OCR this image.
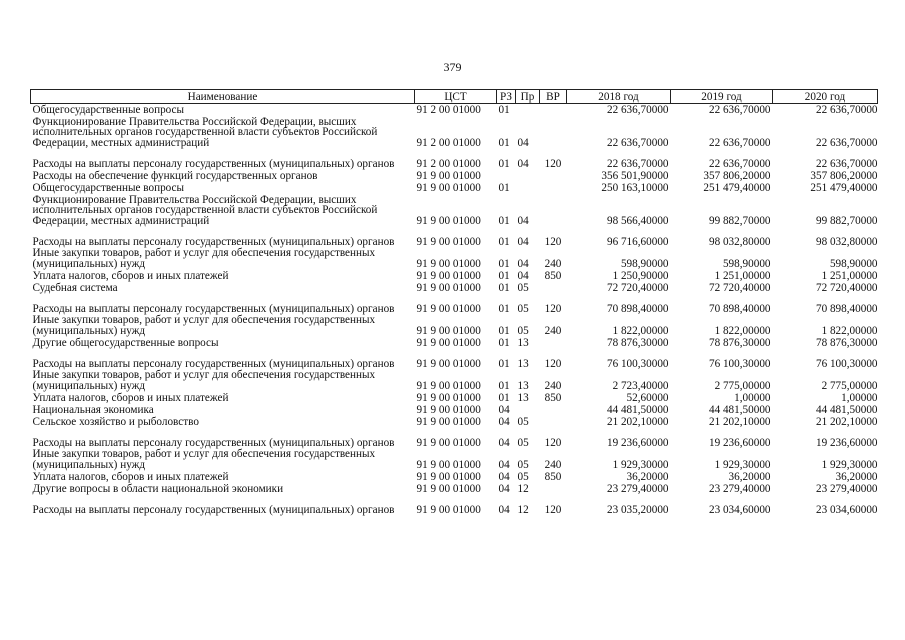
379
Наименование	ЦСТ	РЗ	Пр	ВР	2018 год	2019 год	2020 год
Общегосударственные вопросы	91 2 00 01000	01			22 636,70000	22 636,70000	22 636,70000
Функционирование Правительства Российской Федерации, высших исполнительных органов государственной власти субъектов Российской Федерации, местных администраций	91 2 00 01000	01	04		22 636,70000	22 636,70000	22 636,70000
Расходы на выплаты персоналу государственных (муниципальных) органов	91 2 00 01000	01	04	120	22 636,70000	22 636,70000	22 636,70000
Расходы на обеспечение функций государственных органов	91 9 00 01000				356 501,90000	357 806,20000	357 806,20000
Общегосударственные вопросы	91 9 00 01000	01			250 163,10000	251 479,40000	251 479,40000
Функционирование Правительства Российской Федерации, высших исполнительных органов государственной власти субъектов Российской Федерации, местных администраций	91 9 00 01000	01	04		98 566,40000	99 882,70000	99 882,70000
Расходы на выплаты персоналу государственных (муниципальных) органов	91 9 00 01000	01	04	120	96 716,60000	98 032,80000	98 032,80000
Иные закупки товаров, работ и услуг для обеспечения государственных (муниципальных) нужд	91 9 00 01000	01	04	240	598,90000	598,90000	598,90000
Уплата налогов, сборов и иных платежей	91 9 00 01000	01	04	850	1 250,90000	1 251,00000	1 251,00000
Судебная система	91 9 00 01000	01	05		72 720,40000	72 720,40000	72 720,40000
Расходы на выплаты персоналу государственных (муниципальных) органов	91 9 00 01000	01	05	120	70 898,40000	70 898,40000	70 898,40000
Иные закупки товаров, работ и услуг для обеспечения государственных (муниципальных) нужд	91 9 00 01000	01	05	240	1 822,00000	1 822,00000	1 822,00000
Другие общегосударственные вопросы	91 9 00 01000	01	13		78 876,30000	78 876,30000	78 876,30000
Расходы на выплаты персоналу государственных (муниципальных) органов	91 9 00 01000	01	13	120	76 100,30000	76 100,30000	76 100,30000
Иные закупки товаров, работ и услуг для обеспечения государственных (муниципальных) нужд	91 9 00 01000	01	13	240	2 723,40000	2 775,00000	2 775,00000
Уплата налогов, сборов и иных платежей	91 9 00 01000	01	13	850	52,60000	1,00000	1,00000
Национальная экономика	91 9 00 01000	04			44 481,50000	44 481,50000	44 481,50000
Сельское хозяйство и рыболовство	91 9 00 01000	04	05		21 202,10000	21 202,10000	21 202,10000
Расходы на выплаты персоналу государственных (муниципальных) органов	91 9 00 01000	04	05	120	19 236,60000	19 236,60000	19 236,60000
Иные закупки товаров, работ и услуг для обеспечения государственных (муниципальных) нужд	91 9 00 01000	04	05	240	1 929,30000	1 929,30000	1 929,30000
Уплата налогов, сборов и иных платежей	91 9 00 01000	04	05	850	36,20000	36,20000	36,20000
Другие вопросы в области национальной экономики	91 9 00 01000	04	12		23 279,40000	23 279,40000	23 279,40000
Расходы на выплаты персоналу государственных (муниципальных) органов	91 9 00 01000	04	12	120	23 035,20000	23 034,60000	23 034,60000
